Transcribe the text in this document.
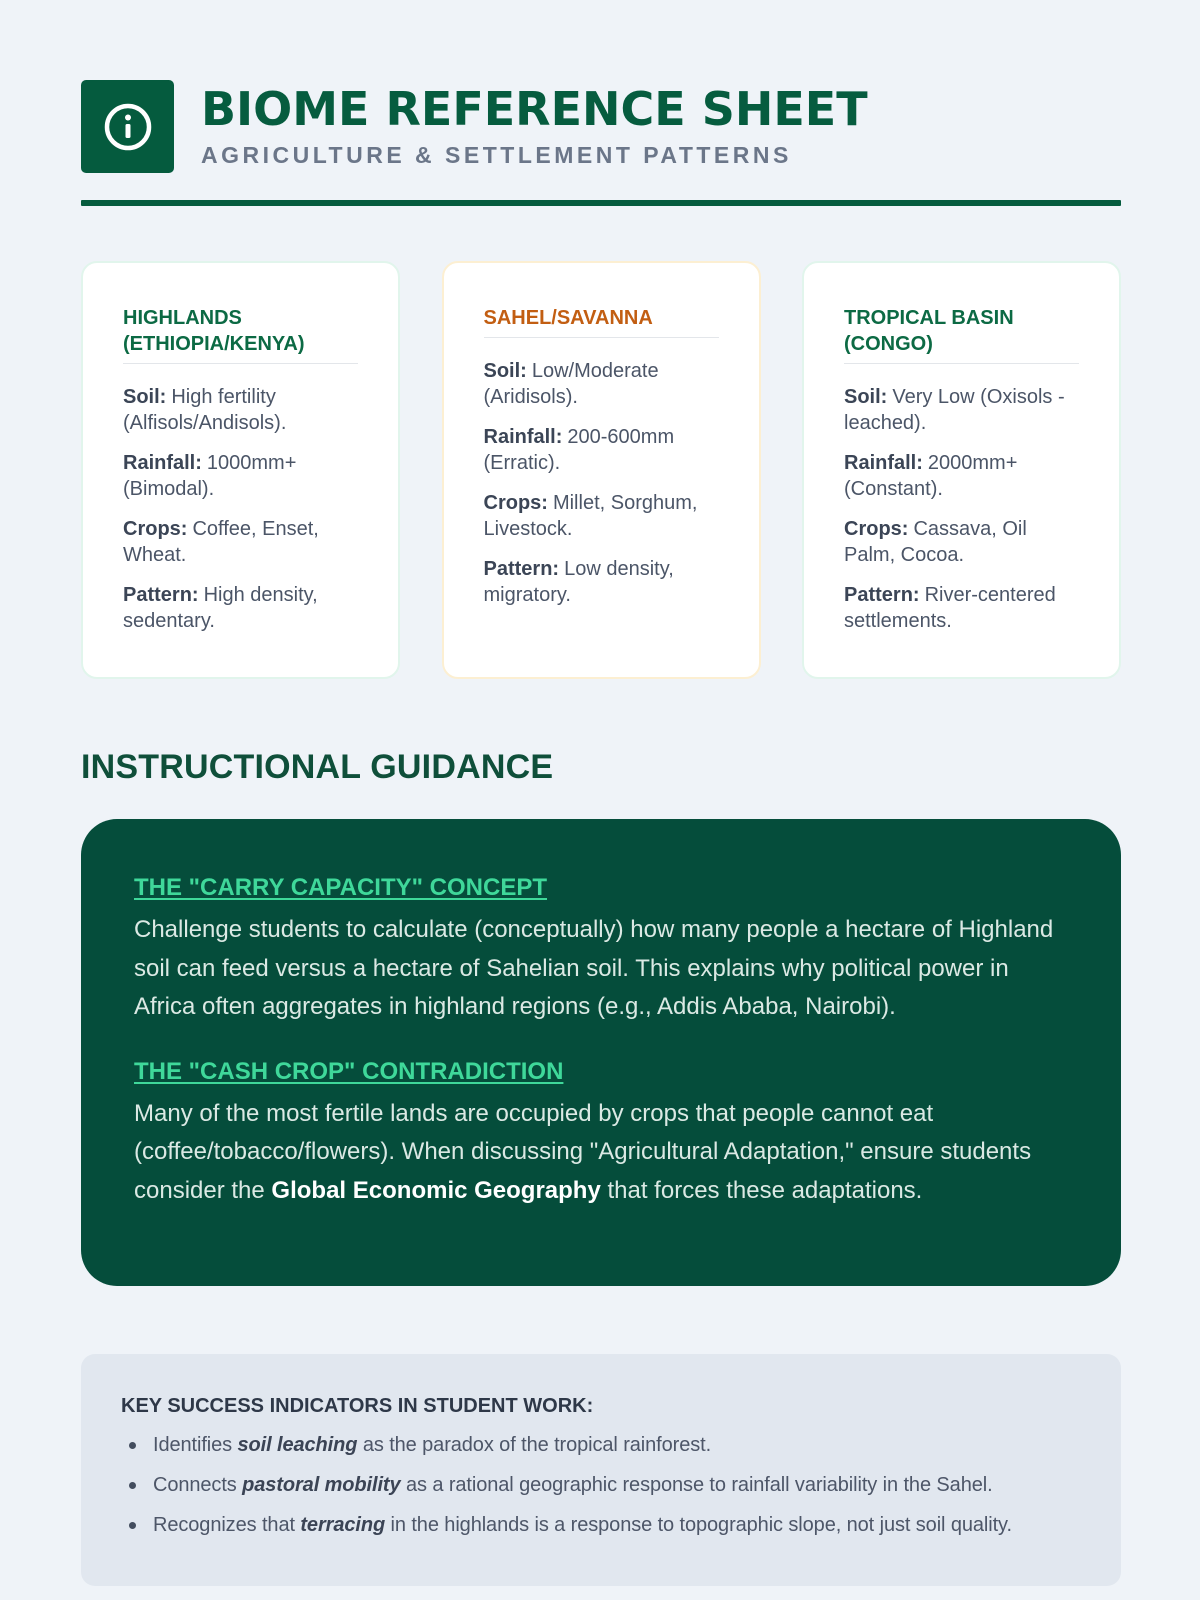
BIOME REFERENCE SHEET
AGRICULTURE & SETTLEMENT PATTERNS
HIGHLANDS (ETHIOPIA/KENYA)
Soil: High fertility (Alfisols/Andisols).
Rainfall: 1000mm+ (Bimodal).
Crops: Coffee, Enset, Wheat.
Pattern: High density, sedentary.
SAHEL/SAVANNA
Soil: Low/Moderate (Aridisols).
Rainfall: 200-600mm (Erratic).
Crops: Millet, Sorghum, Livestock.
Pattern: Low density, migratory.
TROPICAL BASIN (CONGO)
Soil: Very Low (Oxisols - leached).
Rainfall: 2000mm+ (Constant).
Crops: Cassava, Oil Palm, Cocoa.
Pattern: River-centered settlements.
INSTRUCTIONAL GUIDANCE
THE "CARRY CAPACITY" CONCEPT
Challenge students to calculate (conceptually) how many people a hectare of Highland soil can feed versus a hectare of Sahelian soil. This explains why political power in Africa often aggregates in highland regions (e.g., Addis Ababa, Nairobi).
THE "CASH CROP" CONTRADICTION
Many of the most fertile lands are occupied by crops that people cannot eat (coffee/tobacco/flowers). When discussing "Agricultural Adaptation," ensure students consider the Global Economic Geography that forces these adaptations.
KEY SUCCESS INDICATORS IN STUDENT WORK:
Identifies soil leaching as the paradox of the tropical rainforest.
Connects pastoral mobility as a rational geographic response to rainfall variability in the Sahel.
Recognizes that terracing in the highlands is a response to topographic slope, not just soil quality.
